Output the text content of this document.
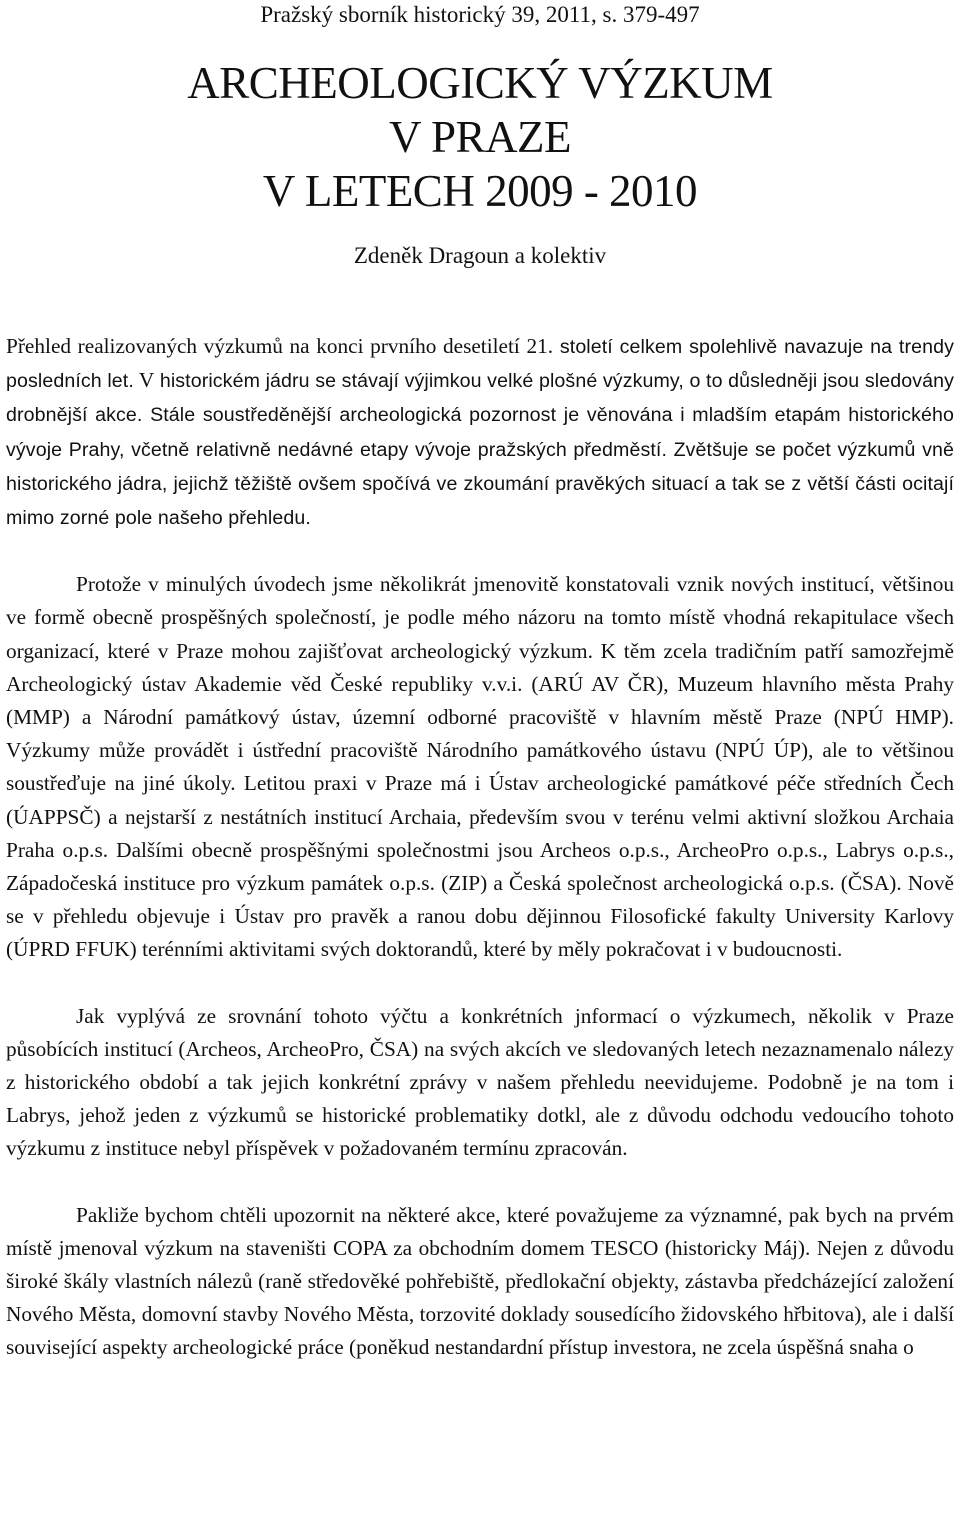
Pražský sborník historický 39, 2011, s. 379-497
ARCHEOLOGICKÝ VÝZKUM
V PRAZE
V LETECH 2009 - 2010
Zdeněk Dragoun a kolektiv

Přehled realizovaných výzkumů na konci prvního desetiletí 21. století celkem spolehlivě navazuje na trendy posledních let. V historickém jádru se stávají výjimkou velké plošné výzkumy, o to důsledněji jsou sledovány drobnější akce. Stále soustředěnější archeologická pozornost je věnována i mladším etapám historického vývoje Prahy, včetně relativně nedávné etapy vývoje pražských předměstí. Zvětšuje se počet výzkumů vně historického jádra, jejichž těžiště ovšem spočívá ve zkoumání pravěkých situací a tak se z větší části ocitají mimo zorné pole našeho přehledu.

Protože v minulých úvodech jsme několikrát jmenovitě konstatovali vznik nových institucí, většinou ve formě obecně prospěšných společností, je podle mého názoru na tomto místě vhodná rekapitulace všech organizací, které v Praze mohou zajišťovat archeologický výzkum. K těm zcela tradičním patří samozřejmě Archeologický ústav Akademie věd České republiky v.v.i. (ARÚ AV ČR), Muzeum hlavního města Prahy (MMP) a Národní památkový ústav, územní odborné pracoviště v hlavním městě Praze (NPÚ HMP). Výzkumy může provádět i ústřední pracoviště Národního památkového ústavu (NPÚ ÚP), ale to většinou soustřeďuje na jiné úkoly. Letitou praxi v Praze má i Ústav archeologické památkové péče středních Čech (ÚAPPSČ) a nejstarší z nestátních institucí Archaia, především svou v terénu velmi aktivní složkou Archaia Praha o.p.s. Dalšími obecně prospěšnými společnostmi jsou Archeos o.p.s., ArcheoPro o.p.s., Labrys o.p.s., Západočeská instituce pro výzkum památek o.p.s. (ZIP) a Česká společnost archeologická o.p.s. (ČSA). Nově se v přehledu objevuje i Ústav pro pravěk a ranou dobu dějinnou Filosofické fakulty University Karlovy (ÚPRD FFUK) terénními aktivitami svých doktorandů, které by měly pokračovat i v budoucnosti.

Jak vyplývá ze srovnání tohoto výčtu a konkrétních jnformací o výzkumech, několik v Praze působících institucí (Archeos, ArcheoPro, ČSA) na svých akcích ve sledovaných letech nezaznamenalo nálezy z historického období a tak jejich konkrétní zprávy v našem přehledu neevidujeme. Podobně je na tom i Labrys, jehož jeden z výzkumů se historické problematiky dotkl, ale z důvodu odchodu vedoucího tohoto výzkumu z instituce nebyl příspěvek v požadovaném termínu zpracován.

Pakliže bychom chtěli upozornit na některé akce, které považujeme za významné, pak bych na prvém místě jmenoval výzkum na staveništi COPA za obchodním domem TESCO (historicky Máj). Nejen z důvodu široké škály vlastních nálezů (raně středověké pohřebiště, předlokační objekty, zástavba předcházející založení Nového Města, domovní stavby Nového Města, torzovité doklady sousedícího židovského hřbitova), ale i další související aspekty archeologické práce (poněkud nestandardní přístup investora, ne zcela úspěšná snaha o
